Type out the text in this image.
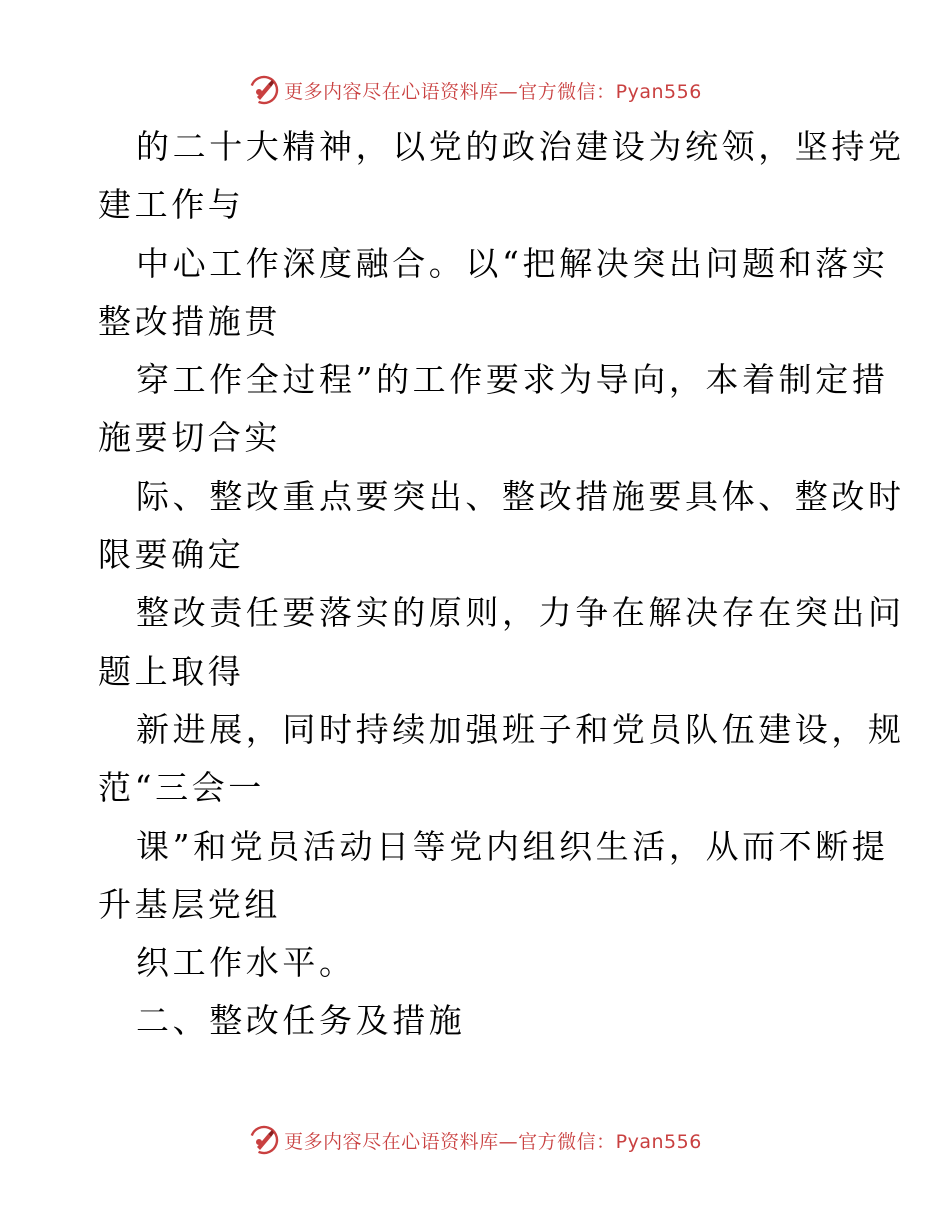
更多内容尽在心语资料库—官方微信：Pyan556
的二十大精神，以党的政治建设为统领，坚持党
建工作与
中心工作深度融合。以“把解决突出问题和落实
整改措施贯
穿工作全过程”的工作要求为导向，本着制定措
施要切合实
际、整改重点要突出、整改措施要具体、整改时
限要确定
整改责任要落实的原则，力争在解决存在突出问
题上取得
新进展，同时持续加强班子和党员队伍建设，规
范“三会一
课”和党员活动日等党内组织生活，从而不断提
升基层党组
织工作水平。
二、整改任务及措施
更多内容尽在心语资料库—官方微信：Pyan556
